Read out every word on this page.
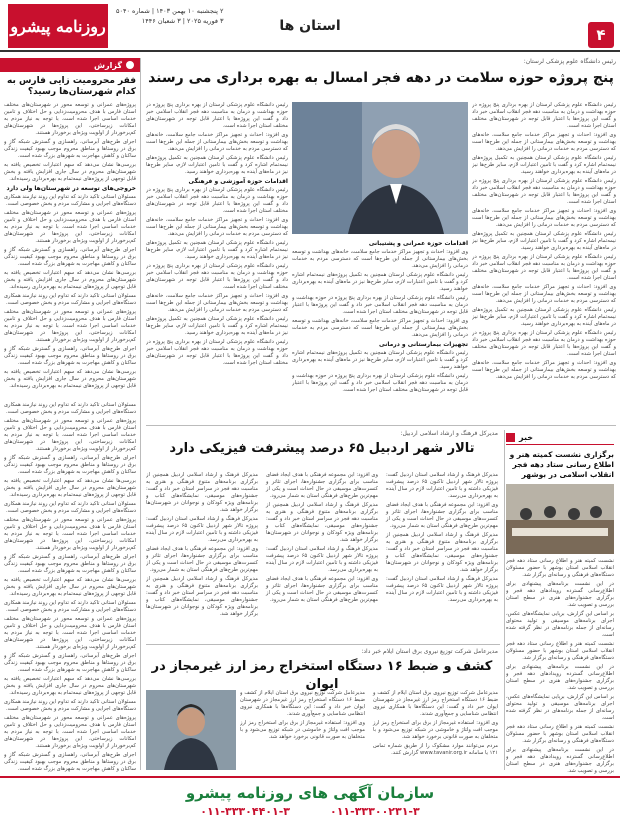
۴
استان ها
روزنامه پیشرو
۲ پنجشنبه ۱۰ بهمن ۱۴۰۳ | شماره ۵۰۴۰
۳ فوریه ۲۰۲۵ | ۳ شعبان ۱۴۴۶
گزارش
فقر محرومیت زایی فارس به کدام شهرستان‌ها رسید؟

پروژه‌های عمرانی و توسعه محور در شهرستان‌های مختلف استان فارس با هدف محرومیت‌زدایی و حل اختلاف و تامین خدمات اساسی اجرا شده است. با توجه به نیاز مردم به امکانات زیرساختی، این پروژه‌ها در شهرستان‌های کم‌برخوردار از اولویت ویژه‌ای برخوردار هستند.

اجرای طرح‌های آبرسانی، راهسازی و گسترش شبکه گاز و برق در روستاها و مناطق محروم موجب بهبود کیفیت زندگی ساکنان و کاهش مهاجرت به شهرهای بزرگ شده است.

بررسی‌ها نشان می‌دهد که سهم اعتبارات تخصیص یافته به شهرستان‌های محروم در سال جاری افزایش یافته و بخش قابل توجهی از پروژه‌های نیمه‌تمام به بهره‌برداری رسیده‌اند.

خروجی‌های توسعه در شهرستان‌ها ولی دارد

مسئولان استانی تاکید دارند که تداوم این روند نیازمند همکاری دستگاه‌های اجرایی و مشارکت مردم و بخش خصوصی است.

پروژه‌های عمرانی و توسعه محور در شهرستان‌های مختلف استان فارس با هدف محرومیت‌زدایی و حل اختلاف و تامین خدمات اساسی اجرا شده است. با توجه به نیاز مردم به امکانات زیرساختی، این پروژه‌ها در شهرستان‌های کم‌برخوردار از اولویت ویژه‌ای برخوردار هستند.

اجرای طرح‌های آبرسانی، راهسازی و گسترش شبکه گاز و برق در روستاها و مناطق محروم موجب بهبود کیفیت زندگی ساکنان و کاهش مهاجرت به شهرهای بزرگ شده است.

بررسی‌ها نشان می‌دهد که سهم اعتبارات تخصیص یافته به شهرستان‌های محروم در سال جاری افزایش یافته و بخش قابل توجهی از پروژه‌های نیمه‌تمام به بهره‌برداری رسیده‌اند.

مسئولان استانی تاکید دارند که تداوم این روند نیازمند همکاری دستگاه‌های اجرایی و مشارکت مردم و بخش خصوصی است.

پروژه‌های عمرانی و توسعه محور در شهرستان‌های مختلف استان فارس با هدف محرومیت‌زدایی و حل اختلاف و تامین خدمات اساسی اجرا شده است. با توجه به نیاز مردم به امکانات زیرساختی، این پروژه‌ها در شهرستان‌های کم‌برخوردار از اولویت ویژه‌ای برخوردار هستند.

اجرای طرح‌های آبرسانی، راهسازی و گسترش شبکه گاز و برق در روستاها و مناطق محروم موجب بهبود کیفیت زندگی ساکنان و کاهش مهاجرت به شهرهای بزرگ شده است.

بررسی‌ها نشان می‌دهد که سهم اعتبارات تخصیص یافته به شهرستان‌های محروم در سال جاری افزایش یافته و بخش قابل توجهی از پروژه‌های نیمه‌تمام به بهره‌برداری رسیده‌اند.

مسئولان استانی تاکید دارند که تداوم این روند نیازمند همکاری دستگاه‌های اجرایی و مشارکت مردم و بخش خصوصی است.

پروژه‌های عمرانی و توسعه محور در شهرستان‌های مختلف استان فارس با هدف محرومیت‌زدایی و حل اختلاف و تامین خدمات اساسی اجرا شده است. با توجه به نیاز مردم به امکانات زیرساختی، این پروژه‌ها در شهرستان‌های کم‌برخوردار از اولویت ویژه‌ای برخوردار هستند.

اجرای طرح‌های آبرسانی، راهسازی و گسترش شبکه گاز و برق در روستاها و مناطق محروم موجب بهبود کیفیت زندگی ساکنان و کاهش مهاجرت به شهرهای بزرگ شده است.

بررسی‌ها نشان می‌دهد که سهم اعتبارات تخصیص یافته به شهرستان‌های محروم در سال جاری افزایش یافته و بخش قابل توجهی از پروژه‌های نیمه‌تمام به بهره‌برداری رسیده‌اند.

مسئولان استانی تاکید دارند که تداوم این روند نیازمند همکاری دستگاه‌های اجرایی و مشارکت مردم و بخش خصوصی است.

پروژه‌های عمرانی و توسعه محور در شهرستان‌های مختلف استان فارس با هدف محرومیت‌زدایی و حل اختلاف و تامین خدمات اساسی اجرا شده است. با توجه به نیاز مردم به امکانات زیرساختی، این پروژه‌ها در شهرستان‌های کم‌برخوردار از اولویت ویژه‌ای برخوردار هستند.

اجرای طرح‌های آبرسانی، راهسازی و گسترش شبکه گاز و برق در روستاها و مناطق محروم موجب بهبود کیفیت زندگی ساکنان و کاهش مهاجرت به شهرهای بزرگ شده است.

بررسی‌ها نشان می‌دهد که سهم اعتبارات تخصیص یافته به شهرستان‌های محروم در سال جاری افزایش یافته و بخش قابل توجهی از پروژه‌های نیمه‌تمام به بهره‌برداری رسیده‌اند.

مسئولان استانی تاکید دارند که تداوم این روند نیازمند همکاری دستگاه‌های اجرایی و مشارکت مردم و بخش خصوصی است.

پروژه‌های عمرانی و توسعه محور در شهرستان‌های مختلف استان فارس با هدف محرومیت‌زدایی و حل اختلاف و تامین خدمات اساسی اجرا شده است. با توجه به نیاز مردم به امکانات زیرساختی، این پروژه‌ها در شهرستان‌های کم‌برخوردار از اولویت ویژه‌ای برخوردار هستند.

اجرای طرح‌های آبرسانی، راهسازی و گسترش شبکه گاز و برق در روستاها و مناطق محروم موجب بهبود کیفیت زندگی ساکنان و کاهش مهاجرت به شهرهای بزرگ شده است.

بررسی‌ها نشان می‌دهد که سهم اعتبارات تخصیص یافته به شهرستان‌های محروم در سال جاری افزایش یافته و بخش قابل توجهی از پروژه‌های نیمه‌تمام به بهره‌برداری رسیده‌اند.

مسئولان استانی تاکید دارند که تداوم این روند نیازمند همکاری دستگاه‌های اجرایی و مشارکت مردم و بخش خصوصی است.

پروژه‌های عمرانی و توسعه محور در شهرستان‌های مختلف استان فارس با هدف محرومیت‌زدایی و حل اختلاف و تامین خدمات اساسی اجرا شده است. با توجه به نیاز مردم به امکانات زیرساختی، این پروژه‌ها در شهرستان‌های کم‌برخوردار از اولویت ویژه‌ای برخوردار هستند.

اجرای طرح‌های آبرسانی، راهسازی و گسترش شبکه گاز و برق در روستاها و مناطق محروم موجب بهبود کیفیت زندگی ساکنان و کاهش مهاجرت به شهرهای بزرگ شده است.

رئیس دانشگاه علوم پزشکی لرستان:
پنج پروژه حوزه سلامت در دهه فجر امسال به بهره برداری می رسند

رئیس دانشگاه علوم پزشکی لرستان از بهره برداری پنج پروژه در حوزه بهداشت و درمان به مناسبت دهه فجر انقلاب اسلامی خبر داد و گفت این پروژه‌ها با اعتبار قابل توجه در شهرستان‌های مختلف استان اجرا شده است.

وی افزود: احداث و تجهیز مراکز خدمات جامع سلامت، خانه‌های بهداشت و توسعه بخش‌های بیمارستانی از جمله این طرح‌ها است که دسترسی مردم به خدمات درمانی را افزایش می‌دهد.

رئیس دانشگاه علوم پزشکی لرستان همچنین به تکمیل پروژه‌های نیمه‌تمام اشاره کرد و گفت با تامین اعتبارات لازم، سایر طرح‌ها نیز در ماه‌های آینده به بهره‌برداری خواهند رسید.

رئیس دانشگاه علوم پزشکی لرستان از بهره برداری پنج پروژه در حوزه بهداشت و درمان به مناسبت دهه فجر انقلاب اسلامی خبر داد و گفت این پروژه‌ها با اعتبار قابل توجه در شهرستان‌های مختلف استان اجرا شده است.

وی افزود: احداث و تجهیز مراکز خدمات جامع سلامت، خانه‌های بهداشت و توسعه بخش‌های بیمارستانی از جمله این طرح‌ها است که دسترسی مردم به خدمات درمانی را افزایش می‌دهد.

رئیس دانشگاه علوم پزشکی لرستان همچنین به تکمیل پروژه‌های نیمه‌تمام اشاره کرد و گفت با تامین اعتبارات لازم، سایر طرح‌ها نیز در ماه‌های آینده به بهره‌برداری خواهند رسید.

رئیس دانشگاه علوم پزشکی لرستان از بهره برداری پنج پروژه در حوزه بهداشت و درمان به مناسبت دهه فجر انقلاب اسلامی خبر داد و گفت این پروژه‌ها با اعتبار قابل توجه در شهرستان‌های مختلف استان اجرا شده است.

وی افزود: احداث و تجهیز مراکز خدمات جامع سلامت، خانه‌های بهداشت و توسعه بخش‌های بیمارستانی از جمله این طرح‌ها است که دسترسی مردم به خدمات درمانی را افزایش می‌دهد.

رئیس دانشگاه علوم پزشکی لرستان همچنین به تکمیل پروژه‌های نیمه‌تمام اشاره کرد و گفت با تامین اعتبارات لازم، سایر طرح‌ها نیز در ماه‌های آینده به بهره‌برداری خواهند رسید.

رئیس دانشگاه علوم پزشکی لرستان از بهره برداری پنج پروژه در حوزه بهداشت و درمان به مناسبت دهه فجر انقلاب اسلامی خبر داد و گفت این پروژه‌ها با اعتبار قابل توجه در شهرستان‌های مختلف استان اجرا شده است.

وی افزود: احداث و تجهیز مراکز خدمات جامع سلامت، خانه‌های بهداشت و توسعه بخش‌های بیمارستانی از جمله این طرح‌ها است که دسترسی مردم به خدمات درمانی را افزایش می‌دهد.

اقدامات حوزه عمرانی و پشتیبانی

وی افزود: احداث و تجهیز مراکز خدمات جامع سلامت، خانه‌های بهداشت و توسعه بخش‌های بیمارستانی از جمله این طرح‌ها است که دسترسی مردم به خدمات درمانی را افزایش می‌دهد.

رئیس دانشگاه علوم پزشکی لرستان همچنین به تکمیل پروژه‌های نیمه‌تمام اشاره کرد و گفت با تامین اعتبارات لازم، سایر طرح‌ها نیز در ماه‌های آینده به بهره‌برداری خواهند رسید.

رئیس دانشگاه علوم پزشکی لرستان از بهره برداری پنج پروژه در حوزه بهداشت و درمان به مناسبت دهه فجر انقلاب اسلامی خبر داد و گفت این پروژه‌ها با اعتبار قابل توجه در شهرستان‌های مختلف استان اجرا شده است.

وی افزود: احداث و تجهیز مراکز خدمات جامع سلامت، خانه‌های بهداشت و توسعه بخش‌های بیمارستانی از جمله این طرح‌ها است که دسترسی مردم به خدمات درمانی را افزایش می‌دهد.

تجهیزات بیمارستانی و درمانی

رئیس دانشگاه علوم پزشکی لرستان همچنین به تکمیل پروژه‌های نیمه‌تمام اشاره کرد و گفت با تامین اعتبارات لازم، سایر طرح‌ها نیز در ماه‌های آینده به بهره‌برداری خواهند رسید.

رئیس دانشگاه علوم پزشکی لرستان از بهره برداری پنج پروژه در حوزه بهداشت و درمان به مناسبت دهه فجر انقلاب اسلامی خبر داد و گفت این پروژه‌ها با اعتبار قابل توجه در شهرستان‌های مختلف استان اجرا شده است.

رئیس دانشگاه علوم پزشکی لرستان از بهره برداری پنج پروژه در حوزه بهداشت و درمان به مناسبت دهه فجر انقلاب اسلامی خبر داد و گفت این پروژه‌ها با اعتبار قابل توجه در شهرستان‌های مختلف استان اجرا شده است.

وی افزود: احداث و تجهیز مراکز خدمات جامع سلامت، خانه‌های بهداشت و توسعه بخش‌های بیمارستانی از جمله این طرح‌ها است که دسترسی مردم به خدمات درمانی را افزایش می‌دهد.

رئیس دانشگاه علوم پزشکی لرستان همچنین به تکمیل پروژه‌های نیمه‌تمام اشاره کرد و گفت با تامین اعتبارات لازم، سایر طرح‌ها نیز در ماه‌های آینده به بهره‌برداری خواهند رسید.

اقدامات حوزه آموزشی و فرهنگی

رئیس دانشگاه علوم پزشکی لرستان از بهره برداری پنج پروژه در حوزه بهداشت و درمان به مناسبت دهه فجر انقلاب اسلامی خبر داد و گفت این پروژه‌ها با اعتبار قابل توجه در شهرستان‌های مختلف استان اجرا شده است.

وی افزود: احداث و تجهیز مراکز خدمات جامع سلامت، خانه‌های بهداشت و توسعه بخش‌های بیمارستانی از جمله این طرح‌ها است که دسترسی مردم به خدمات درمانی را افزایش می‌دهد.

رئیس دانشگاه علوم پزشکی لرستان همچنین به تکمیل پروژه‌های نیمه‌تمام اشاره کرد و گفت با تامین اعتبارات لازم، سایر طرح‌ها نیز در ماه‌های آینده به بهره‌برداری خواهند رسید.

رئیس دانشگاه علوم پزشکی لرستان از بهره برداری پنج پروژه در حوزه بهداشت و درمان به مناسبت دهه فجر انقلاب اسلامی خبر داد و گفت این پروژه‌ها با اعتبار قابل توجه در شهرستان‌های مختلف استان اجرا شده است.

وی افزود: احداث و تجهیز مراکز خدمات جامع سلامت، خانه‌های بهداشت و توسعه بخش‌های بیمارستانی از جمله این طرح‌ها است که دسترسی مردم به خدمات درمانی را افزایش می‌دهد.

رئیس دانشگاه علوم پزشکی لرستان همچنین به تکمیل پروژه‌های نیمه‌تمام اشاره کرد و گفت با تامین اعتبارات لازم، سایر طرح‌ها نیز در ماه‌های آینده به بهره‌برداری خواهند رسید.

رئیس دانشگاه علوم پزشکی لرستان از بهره برداری پنج پروژه در حوزه بهداشت و درمان به مناسبت دهه فجر انقلاب اسلامی خبر داد و گفت این پروژه‌ها با اعتبار قابل توجه در شهرستان‌های مختلف استان اجرا شده است.

خبر
برگزاری نشست کمیته هنر و اطلاع رسانی ستاد دهه فجر انقلاب اسلامی در بوشهر

نشست کمیته هنر و اطلاع رسانی ستاد دهه فجر انقلاب اسلامی استان بوشهر با حضور مسئولان دستگاه‌های فرهنگی و رسانه‌ای برگزار شد.

در این نشست برنامه‌های پیشنهادی برای اطلاع‌رسانی گسترده رویدادهای دهه فجر و برگزاری جشنواره‌های هنری در سطح استان بررسی و تصویب شد.

بر اساس این گزارش، برپایی نمایشگاه‌های عکس، اجرای برنامه‌های موسیقی و تولید محتوای رسانه‌ای از جمله برنامه‌های در نظر گرفته شده است.

نشست کمیته هنر و اطلاع رسانی ستاد دهه فجر انقلاب اسلامی استان بوشهر با حضور مسئولان دستگاه‌های فرهنگی و رسانه‌ای برگزار شد.

در این نشست برنامه‌های پیشنهادی برای اطلاع‌رسانی گسترده رویدادهای دهه فجر و برگزاری جشنواره‌های هنری در سطح استان بررسی و تصویب شد.

بر اساس این گزارش، برپایی نمایشگاه‌های عکس، اجرای برنامه‌های موسیقی و تولید محتوای رسانه‌ای از جمله برنامه‌های در نظر گرفته شده است.

نشست کمیته هنر و اطلاع رسانی ستاد دهه فجر انقلاب اسلامی استان بوشهر با حضور مسئولان دستگاه‌های فرهنگی و رسانه‌ای برگزار شد.

در این نشست برنامه‌های پیشنهادی برای اطلاع‌رسانی گسترده رویدادهای دهه فجر و برگزاری جشنواره‌های هنری در سطح استان بررسی و تصویب شد.

مدیرکل فرهنگ و ارشاد اسلامی اردبیل:
تالار شهر اردبیل ۶۵ درصد پیشرفت فیزیکی دارد

مدیرکل فرهنگ و ارشاد اسلامی استان اردبیل گفت: پروژه تالار شهر اردبیل تاکنون ۶۵ درصد پیشرفت فیزیکی داشته و با تامین اعتبارات لازم در سال آینده به بهره‌برداری می‌رسد.

وی افزود: این مجموعه فرهنگی با هدف ایجاد فضای مناسب برای برگزاری جشنواره‌ها، اجرای تئاتر و کنسرت‌های موسیقی در حال احداث است و یکی از مهم‌ترین طرح‌های فرهنگی استان به شمار می‌رود.

مدیرکل فرهنگ و ارشاد اسلامی اردبیل همچنین از برگزاری برنامه‌های متنوع فرهنگی و هنری به مناسبت دهه فجر در سراسر استان خبر داد و گفت: جشنواره‌های موسیقی، نمایشگاه‌های کتاب و برنامه‌های ویژه کودکان و نوجوانان در شهرستان‌ها برگزار خواهد شد.

مدیرکل فرهنگ و ارشاد اسلامی استان اردبیل گفت: پروژه تالار شهر اردبیل تاکنون ۶۵ درصد پیشرفت فیزیکی داشته و با تامین اعتبارات لازم در سال آینده به بهره‌برداری می‌رسد.

وی افزود: این مجموعه فرهنگی با هدف ایجاد فضای مناسب برای برگزاری جشنواره‌ها، اجرای تئاتر و کنسرت‌های موسیقی در حال احداث است و یکی از مهم‌ترین طرح‌های فرهنگی استان به شمار می‌رود.

مدیرکل فرهنگ و ارشاد اسلامی اردبیل همچنین از برگزاری برنامه‌های متنوع فرهنگی و هنری به مناسبت دهه فجر در سراسر استان خبر داد و گفت: جشنواره‌های موسیقی، نمایشگاه‌های کتاب و برنامه‌های ویژه کودکان و نوجوانان در شهرستان‌ها برگزار خواهد شد.

مدیرکل فرهنگ و ارشاد اسلامی استان اردبیل گفت: پروژه تالار شهر اردبیل تاکنون ۶۵ درصد پیشرفت فیزیکی داشته و با تامین اعتبارات لازم در سال آینده به بهره‌برداری می‌رسد.

وی افزود: این مجموعه فرهنگی با هدف ایجاد فضای مناسب برای برگزاری جشنواره‌ها، اجرای تئاتر و کنسرت‌های موسیقی در حال احداث است و یکی از مهم‌ترین طرح‌های فرهنگی استان به شمار می‌رود.

مدیرکل فرهنگ و ارشاد اسلامی اردبیل همچنین از برگزاری برنامه‌های متنوع فرهنگی و هنری به مناسبت دهه فجر در سراسر استان خبر داد و گفت: جشنواره‌های موسیقی، نمایشگاه‌های کتاب و برنامه‌های ویژه کودکان و نوجوانان در شهرستان‌ها برگزار خواهد شد.

مدیرکل فرهنگ و ارشاد اسلامی استان اردبیل گفت: پروژه تالار شهر اردبیل تاکنون ۶۵ درصد پیشرفت فیزیکی داشته و با تامین اعتبارات لازم در سال آینده به بهره‌برداری می‌رسد.

وی افزود: این مجموعه فرهنگی با هدف ایجاد فضای مناسب برای برگزاری جشنواره‌ها، اجرای تئاتر و کنسرت‌های موسیقی در حال احداث است و یکی از مهم‌ترین طرح‌های فرهنگی استان به شمار می‌رود.

مدیرکل فرهنگ و ارشاد اسلامی اردبیل همچنین از برگزاری برنامه‌های متنوع فرهنگی و هنری به مناسبت دهه فجر در سراسر استان خبر داد و گفت: جشنواره‌های موسیقی، نمایشگاه‌های کتاب و برنامه‌های ویژه کودکان و نوجوانان در شهرستان‌ها برگزار خواهد شد.

مدیرعامل شرکت توزیع نیروی برق استان ایلام خبر داد:
کشف و ضبط ۱۶ دستگاه استخراج رمز ارز غیرمجاز در ایوان

مدیرعامل شرکت توزیع نیروی برق استان ایلام از کشف و ضبط ۱۶ دستگاه استخراج رمز ارز غیرمجاز در شهرستان ایوان خبر داد و گفت: این دستگاه‌ها با همکاری نیروی انتظامی شناسایی و جمع‌آوری شدند.

وی افزود: استفاده غیرمجاز از برق برای استخراج رمز ارز موجب افت ولتاژ و خاموشی در شبکه توزیع می‌شود و با متخلفان به صورت قانونی برخورد خواهد شد.

مردم می‌توانند موارد مشکوک را از طریق شماره تماس ۱۲۱ یا سامانه www.tavanir.org.ir گزارش کنند.

مدیرعامل شرکت توزیع نیروی برق استان ایلام از کشف و ضبط ۱۶ دستگاه استخراج رمز ارز غیرمجاز در شهرستان ایوان خبر داد و گفت: این دستگاه‌ها با همکاری نیروی انتظامی شناسایی و جمع‌آوری شدند.

وی افزود: استفاده غیرمجاز از برق برای استخراج رمز ارز موجب افت ولتاژ و خاموشی در شبکه توزیع می‌شود و با متخلفان به صورت قانونی برخورد خواهد شد.

سازمان آگهی های روزنامه پیشرو
۰۱۱-۳۳۳۰۰۲۳۱-۳
۰۱۱-۳۳۳۰۴۴۰۱-۳
